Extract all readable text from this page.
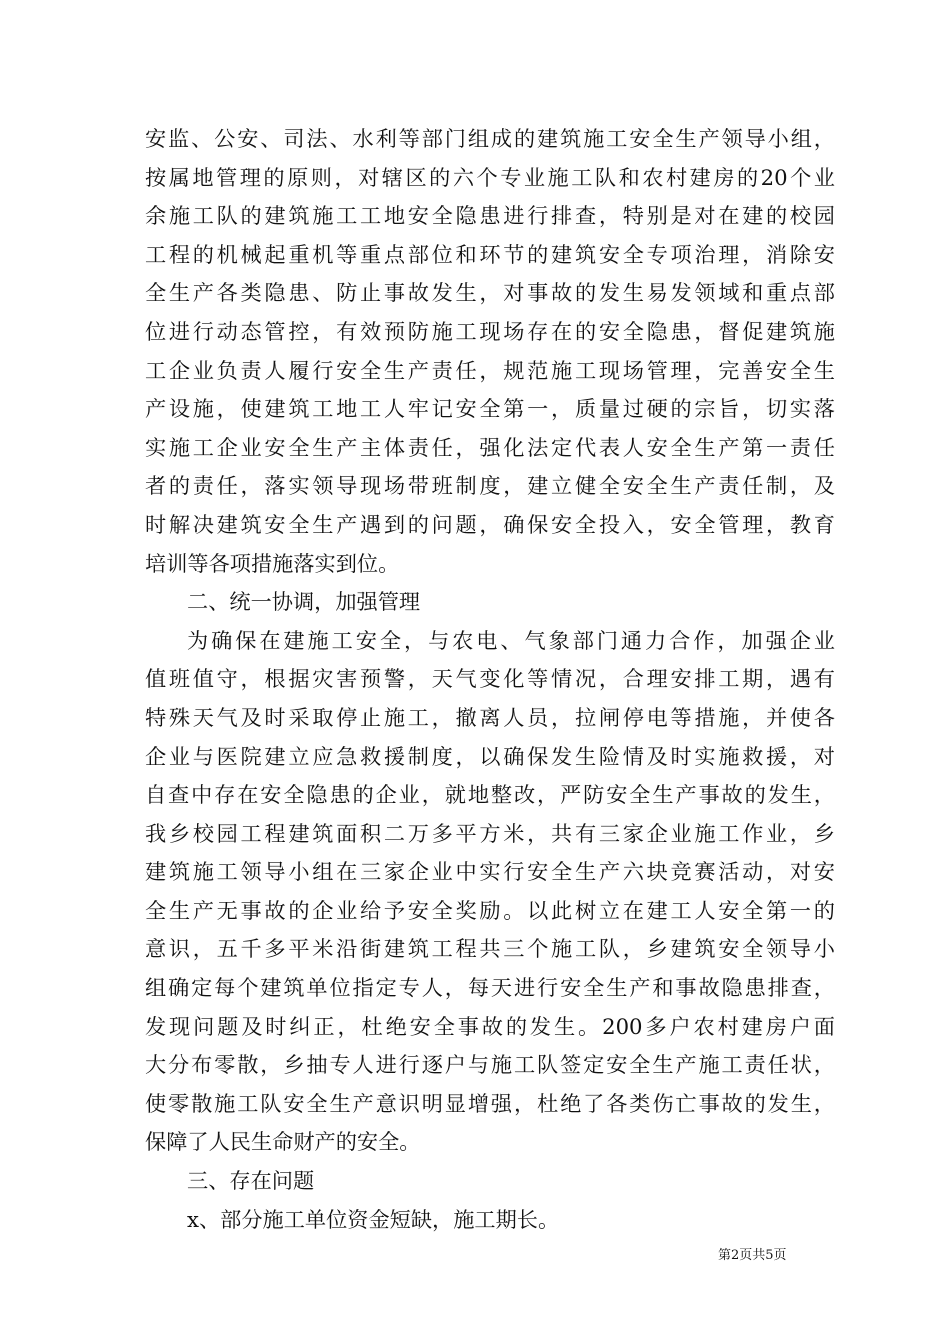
安监、公安、司法、水利等部门组成的建筑施工安全生产领导小组，
按属地管理的原则，对辖区的六个专业施工队和农村建房的20个业
余施工队的建筑施工工地安全隐患进行排查，特别是对在建的校园
工程的机械起重机等重点部位和环节的建筑安全专项治理，消除安
全生产各类隐患、防止事故发生，对事故的发生易发领域和重点部
位进行动态管控，有效预防施工现场存在的安全隐患，督促建筑施
工企业负责人履行安全生产责任，规范施工现场管理，完善安全生
产设施，使建筑工地工人牢记安全第一，质量过硬的宗旨，切实落
实施工企业安全生产主体责任，强化法定代表人安全生产第一责任
者的责任，落实领导现场带班制度，建立健全安全生产责任制，及
时解决建筑安全生产遇到的问题，确保安全投入，安全管理，教育
培训等各项措施落实到位。
二、统一协调，加强管理
为确保在建施工安全，与农电、气象部门通力合作，加强企业
值班值守，根据灾害预警，天气变化等情况，合理安排工期，遇有
特殊天气及时采取停止施工，撤离人员，拉闸停电等措施，并使各
企业与医院建立应急救援制度，以确保发生险情及时实施救援，对
自查中存在安全隐患的企业，就地整改，严防安全生产事故的发生，
我乡校园工程建筑面积二万多平方米，共有三家企业施工作业，乡
建筑施工领导小组在三家企业中实行安全生产六块竞赛活动，对安
全生产无事故的企业给予安全奖励。以此树立在建工人安全第一的
意识，五千多平米沿街建筑工程共三个施工队，乡建筑安全领导小
组确定每个建筑单位指定专人，每天进行安全生产和事故隐患排查，
发现问题及时纠正，杜绝安全事故的发生。200多户农村建房户面
大分布零散，乡抽专人进行逐户与施工队签定安全生产施工责任状，
使零散施工队安全生产意识明显增强，杜绝了各类伤亡事故的发生，
保障了人民生命财产的安全。
三、存在问题
x、部分施工单位资金短缺，施工期长。
第2页共5页
